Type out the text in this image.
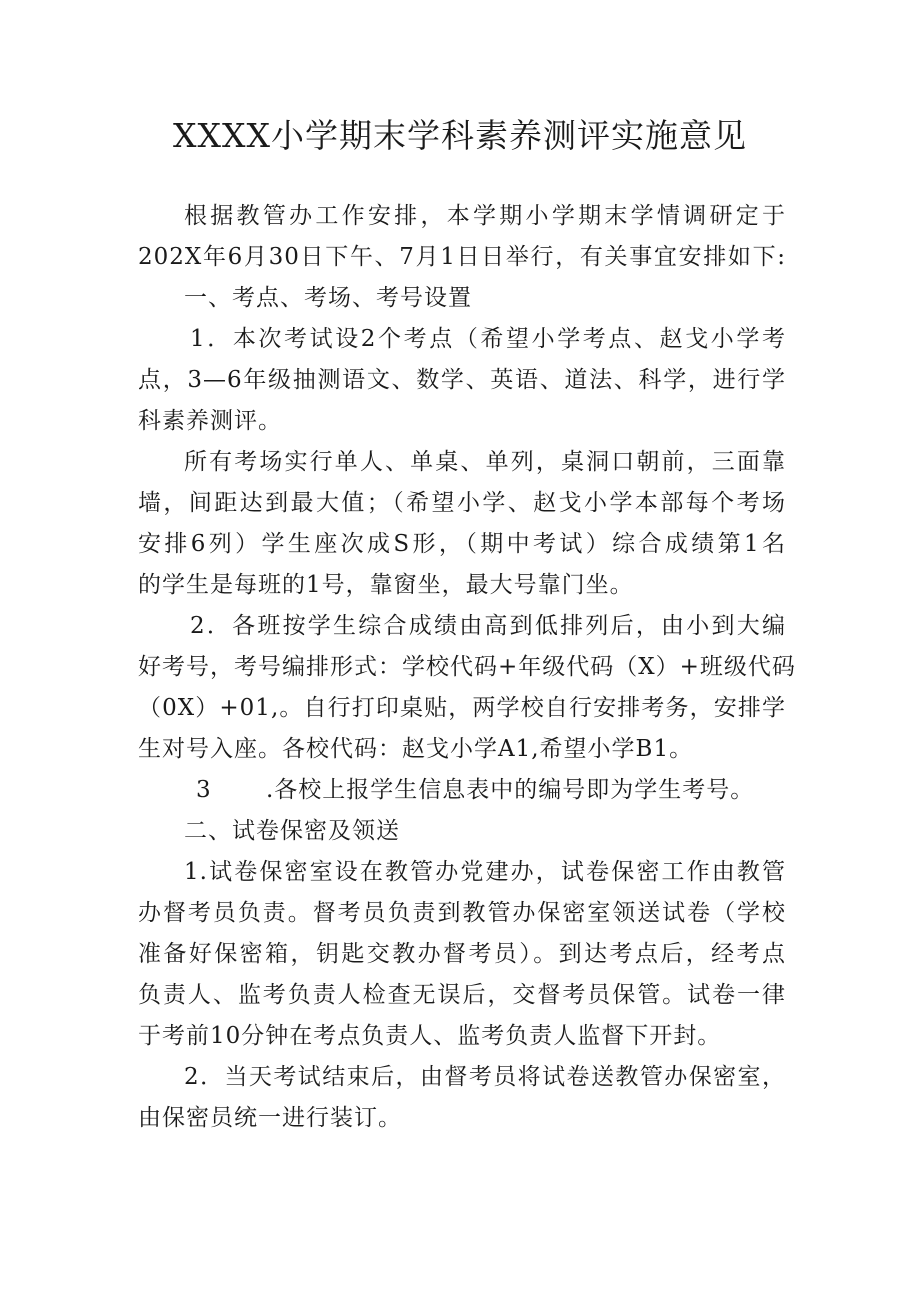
XXXX小学期末学科素养测评实施意见
根据教管办工作安排，本学期小学期末学情调研定于
202X年6月30日下午、7月1日日举行，有关事宜安排如下:
一、考点、考场、考号设置
1．本次考试设2个考点（希望小学考点、赵戈小学考
点，3—6年级抽测语文、数学、英语、道法、科学，进行学
科素养测评。
所有考场实行单人、单桌、单列，桌洞口朝前，三面靠
墙，间距达到最大值；（希望小学、赵戈小学本部每个考场
安排6列）学生座次成S形，（期中考试）综合成绩第1名
的学生是每班的1号，靠窗坐，最大号靠门坐。
2．各班按学生综合成绩由高到低排列后，由小到大编
好考号，考号编排形式：学校代码+年级代码（X）+班级代码
（0X）+01,。自行打印桌贴，两学校自行安排考务，安排学
生对号入座。各校代码：赵戈小学A1,希望小学B1。
3 .各校上报学生信息表中的编号即为学生考号。
二、试卷保密及领送
1.试卷保密室设在教管办党建办，试卷保密工作由教管
办督考员负责。督考员负责到教管办保密室领送试卷（学校
准备好保密箱，钥匙交教办督考员）。到达考点后，经考点
负责人、监考负责人检查无误后，交督考员保管。试卷一律
于考前10分钟在考点负责人、监考负责人监督下开封。
2．当天考试结束后，由督考员将试卷送教管办保密室，
由保密员统一进行装订。
